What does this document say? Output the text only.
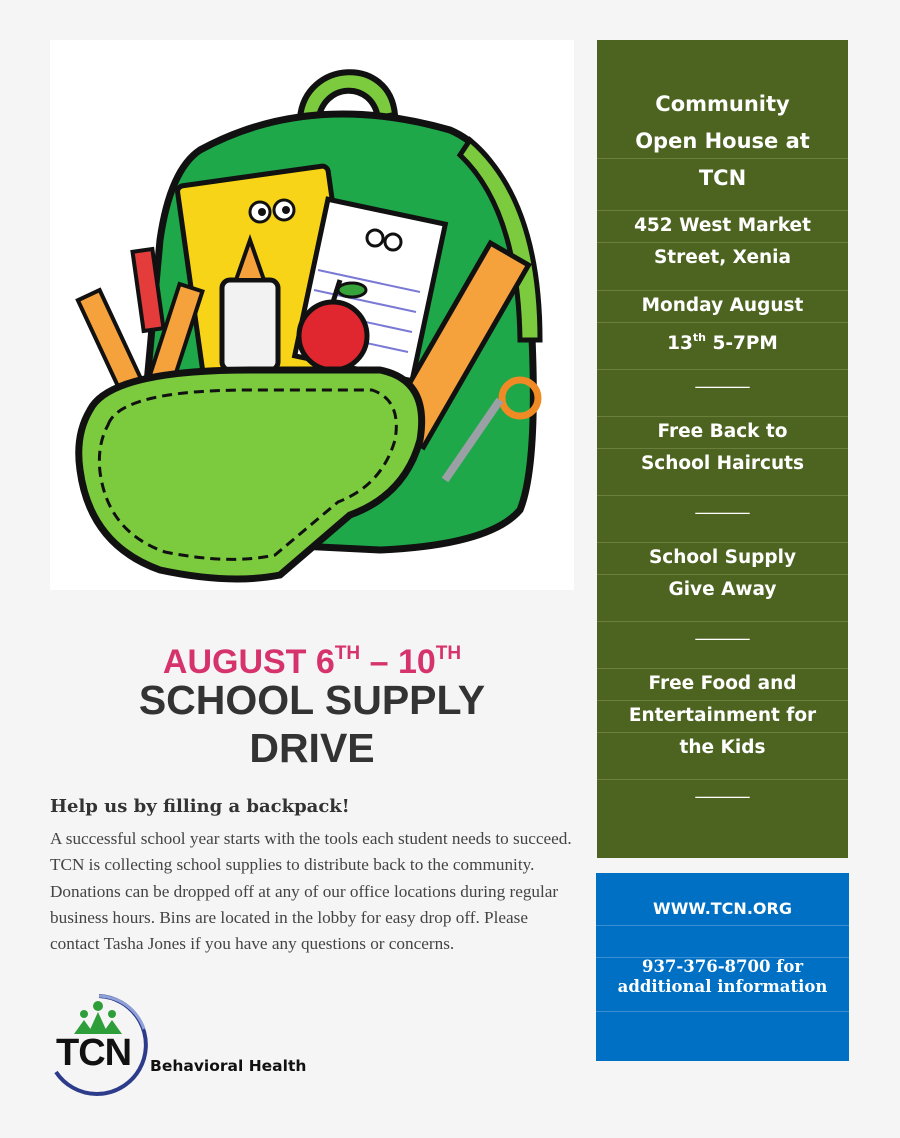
AUGUST 6TH – 10TH
SCHOOL SUPPLY
DRIVE
Help us by filling a backpack!
A successful school year starts with the tools each student needs to succeed. TCN is collecting school supplies to distribute back to the community. Donations can be dropped off at any of our office locations during regular business hours. Bins are located in the lobby for easy drop off. Please contact Tasha Jones if you have any questions or concerns.
TCN Behavioral Health
Community
Open House at
TCN
452 West Market
Street, Xenia
Monday August
13th 5-7PM
______
Free Back to
School Haircuts
______
School Supply
Give Away
______
Free Food and
Entertainment for
the Kids
______
WWW.TCN.ORG
937-376-8700 for
additional information
